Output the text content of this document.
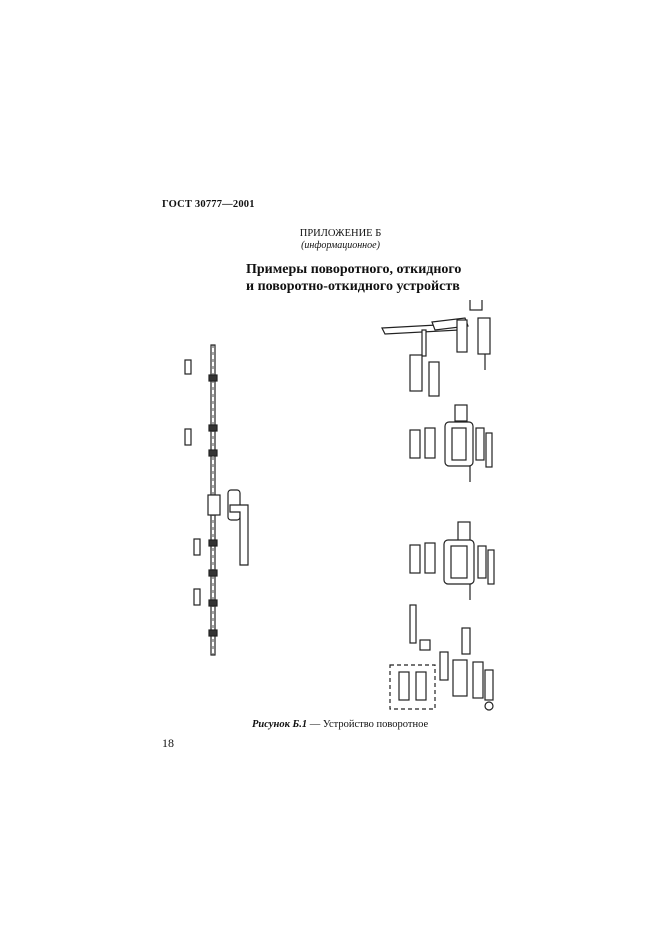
ГОСТ 30777—2001
ПРИЛОЖЕНИЕ Б
(информационное)
Примеры поворотного, откидного
и поворотно-откидного устройств
Рисунок Б.1 — Устройство поворотное
18
